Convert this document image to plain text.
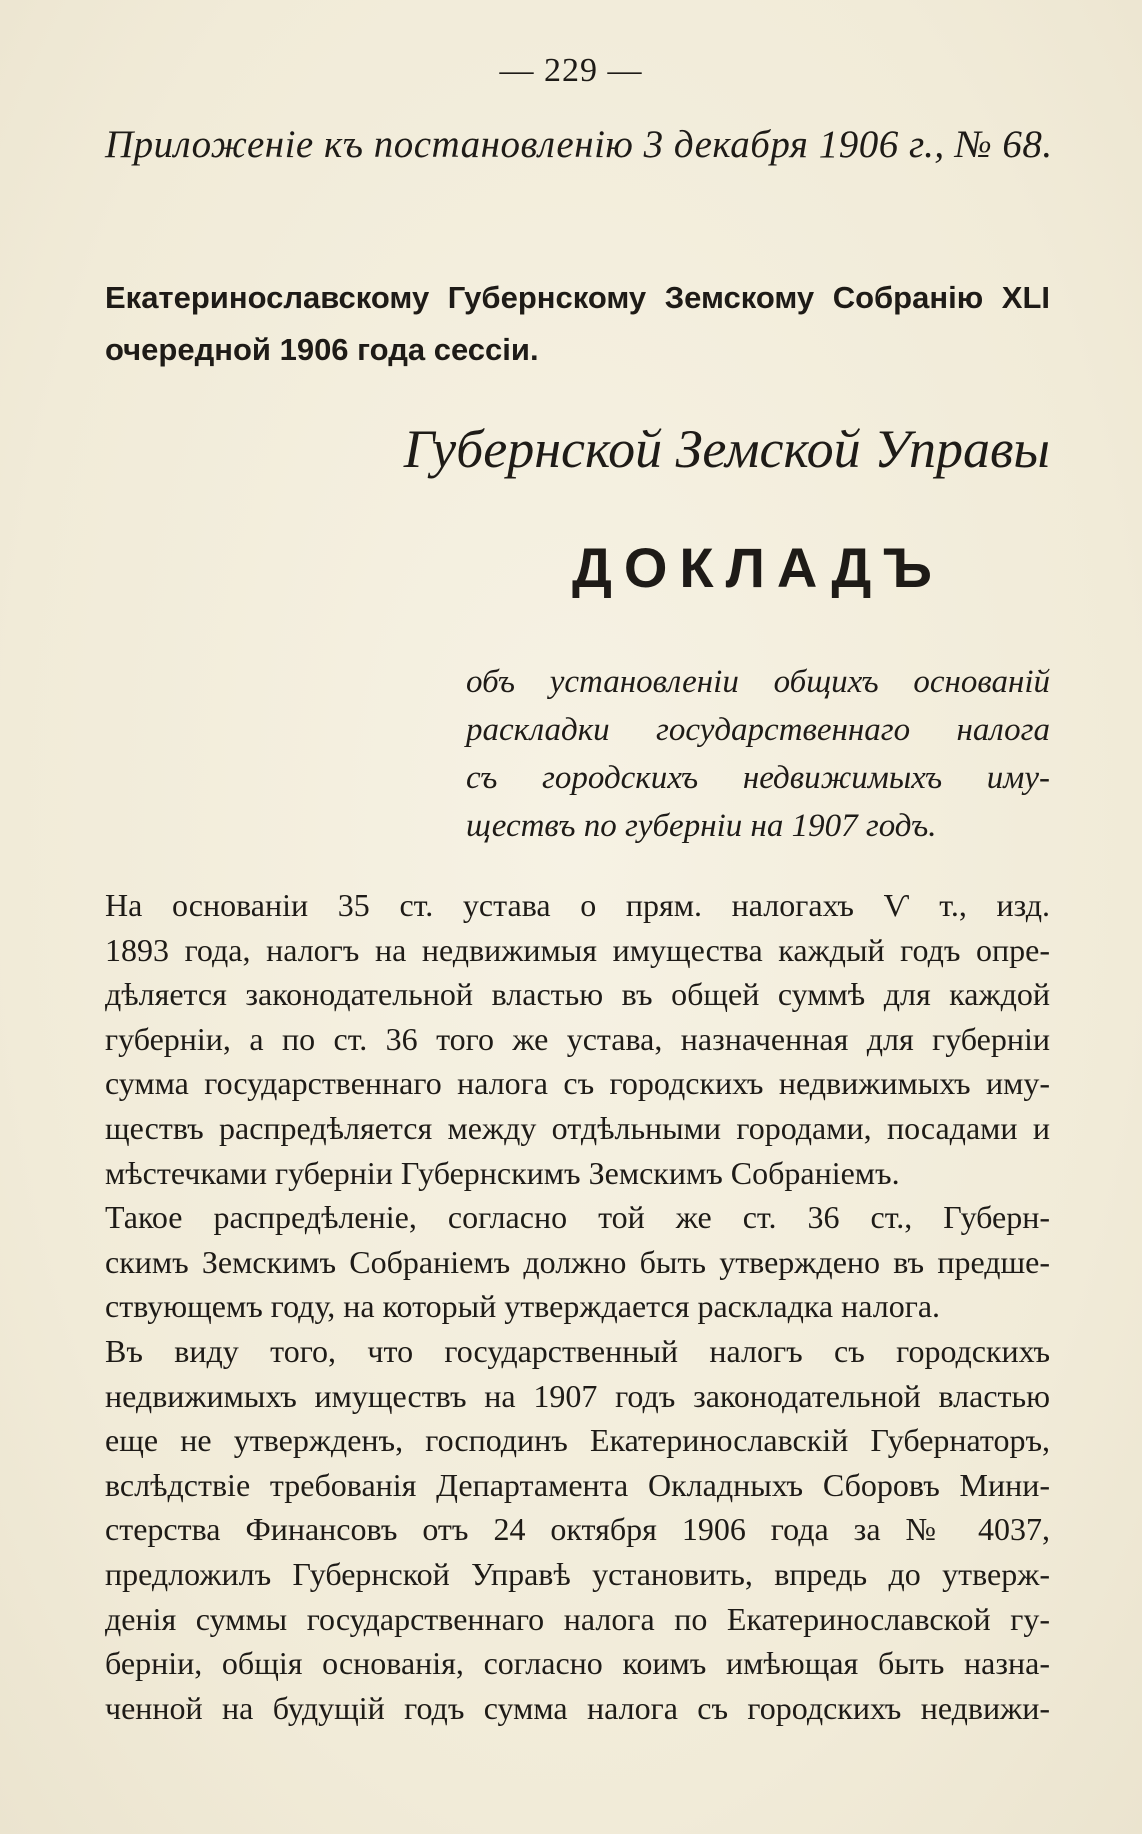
— 229 —
Приложеніе къ постановленію 3 декабря 1906 г., № 68.
Екатеринославскому Губернскому Земскому Собранію XLI очередной 1906 года сессіи.
Губернской Земской Управы
ДОКЛАДЪ
объ установленіи общихъ основаній
раскладки государственнаго налога
съ городскихъ недвижимыхъ иму-
ществъ по губерніи на 1907 годъ.
На основаніи 35 ст. устава о прям. налогахъ Ѵ т., изд.
1893 года, налогъ на недвижимыя имущества каждый годъ опре-
дѣляется законодательной властью въ общей суммѣ для каждой
губерніи, а по ст. 36 того же устава, назначенная для губерніи
сумма государственнаго налога съ городскихъ недвижимыхъ иму-
ществъ распредѣляется между отдѣльными городами, посадами и
мѣстечками губерніи Губернскимъ Земскимъ Собраніемъ.
Такое распредѣленіе, согласно той же ст. 36 ст., Губерн-
скимъ Земскимъ Собраніемъ должно быть утверждено въ предше-
ствующемъ году, на который утверждается раскладка налога.
Въ виду того, что государственный налогъ съ городскихъ
недвижимыхъ имуществъ на 1907 годъ законодательной властью
еще не утвержденъ, господинъ Екатеринославскій Губернаторъ,
вслѣдствіе требованія Департамента Окладныхъ Сборовъ Мини-
стерства Финансовъ отъ 24 октября 1906 года за № 4037,
предложилъ Губернской Управѣ установить, впредь до утверж-
денія суммы государственнаго налога по Екатеринославской гу-
берніи, общія основанія, согласно коимъ имѣющая быть назна-
ченной на будущій годъ сумма налога съ городскихъ недвижи-
